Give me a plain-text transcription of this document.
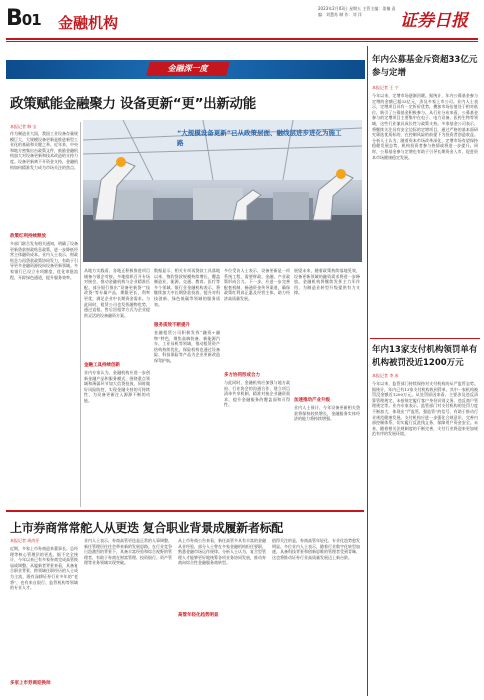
B01 金融机构
2023年2月03日 星期五 主管主编：姜楠 责 编：刘慧苏 制 作：刘 洋	证券日报
金融深一度
政策赋能金融聚力 设备更新“更”出新动能
本报记者 韩 宝
“大规模设备更新”已从政策层面、融线层进步进化为施工路
作为制造业大国，我国工业设备存量规模巨大，大规模设备更新是推进新型工业化的基础和关键之举。近年来，中央和地方密集出台政策文件，鼓励金融机构加大对设备更新和技术改造的支持力度。设备更新离不开资金支持，金融机构如何精准发力成为市场关注的焦点。
政策红利持续释放
多部门联合发布相关通知，明确了设备更新贷款财政贴息政策，进一步降低经营主体融资成本。业内人士表示，财政贴息与再贷款政策协同发力，有助于引导更多金融资源投向设备更新领域。多家银行已设立专项额度，优化审批流程，开辟绿色通道，提升服务效率。
从地方实践看，各地正积极推进项目储备与银企对接。多地组织召开专场对接会，推动金融机构与企业精准匹配。部分银行推出“设备更新贷”“技改贷”等专属产品，期限更长、利率更优，满足企业中长期资金需求。与此同时，租赁公司也发挥融物优势，通过直租、售后回租等方式为企业提供灵活的设备融资方案。
金融工具持续创新
业内专家认为，金融机构应进一步创新金融产品和服务模式，围绕重点领域和薄弱环节加大信贷投放，同时做好风险防控，实现金融支持的可持续性，为设备更新注入源源不断的动能。
数据显示，相关专项再贷款工具落地以来，签约贷款规模持续增长，覆盖制造业、能源、交通、教育、医疗等多个领域。银行业金融机构表示，将继续加大中长期贷款投放，提升对科技创新、绿色低碳等领域的服务质效。
服务质效不断提升
金融租赁公司积极发挥“融资+融物”特色，聚焦高端装备、新能源汽车、工业母机等领域，推动租赁资产结构持续优化。保险机构也通过设备险、科技保险等产品为企业更新改造保驾护航。
多位受访人士表示，设备更新是一项系统工程，需要财政、金融、产业政策形成合力。下一步，应进一步完善配套机制，畅通资金传导渠道，确保政策红利真正惠及经营主体，助力经济高质量发展。
多方协同形成合力
与此同时，金融机构应加强与地方政府、行业协会的沟通合作，建立项目清单共享机制，精准对接企业融资需求，提升金融服务的覆盖面和可得性。
展望未来，随着政策持续落地见效，设备更新领域的融资需求将进一步释放。金融机构将继续发挥主力军作用，为制造业转型升级提供有力支撑。
加速推动产业升级
业内人士预计，今年设备更新相关贷款将保持较快增长，金融服务实体经济的能力将持续增强。
年内公募基金斥资超33亿元参与定增
本报记者 王 宁
今年以来，定增市场逐渐回暖。据统计，年内公募基金参与定增的金额已超33亿元，涉及多家上市公司。业内人士表示，定增项目具有一定折价优势，叠加市场估值处于相对低位，吸引了公募基金积极参与。从行业分布来看，公募基金参与的定增项目主要集中在电子、电力设备、医药生物等领域，这些行业兼具成长性与政策支持。多家基金公司表示，将继续关注具有安全边际的定增项目，通过严格的基本面研究筛选优质标的，在控制风险的前提下为投资者创造收益。分析人士认为，随着资本市场改革深化，定增市场有望保持稳健发展态势，机构投资者参与热情或将进一步提升。同时，公募基金参与定增也有助于引导长期资金入市，促进资本市场健康稳定发展。
年内13家支付机构领罚单有机构被罚没近1200万元
本报记者 李 冰
今年以来，监管部门持续保持对支付机构的从严监管态势。据统计，年内已有13家支付机构收到罚单，其中一家机构被罚没金额近1200万元。从处罚原因来看，主要涉及违反清算管理规定、未按规定履行客户身份识别义务、违反商户管理规定等。业内专家表示，监管部门对支付机构的处罚力度不断加大，体现出“严监管、强监管”的信号，有助于推动行业规范健康发展。支付机构应进一步强化合规意识，完善内部控制体系，切实履行反洗钱义务，保障用户资金安全。未来，随着相关法规制度的不断完善，支付行业将迎来更加规范有序的发展环境。
上市券商常常舵人从更迭 复合职业背景成履新者标配
本报记者 周尚伃
近期，多家上市券商迎来董事长、总经理等核心管理层的更迭。据不完全统计，今年以来已有多家券商完成高管换届或调整。从履新者背景来看，具备复合职业背景、跨领域任职经历的人士成为主流，既有深耕证券行业多年的“老将”，也有来自银行、监管机构等领域的专业人才。
多家上市券商迎换帅
业内人士表示，券商高管更迭是正常的人事调整，新任管理层往往会带来新的发展思路。在行业竞争日趋激烈的背景下，具备丰富经验和综合视野的管理者，有助于券商在财富管理、投资银行、资产管理等业务领域实现突破。
从上市券商公告来看，新任高管多具有丰富的金融从业经验，部分人士曾在多家金融机构担任要职，熟悉金融市场运作规律。分析人士认为，复合型管理人才能够更好地统筹各项业务协同发展，推动券商向综合性金融服务商转型。
高管年轻化趋势明显
值得关注的是，券商高管年轻化、专业化趋势愈发明显。多位业内人士表示，随着行业数字化转型加速，具备科技背景和创新思维的管理者受到青睐，这也将推动证券行业高质量发展迈上新台阶。
